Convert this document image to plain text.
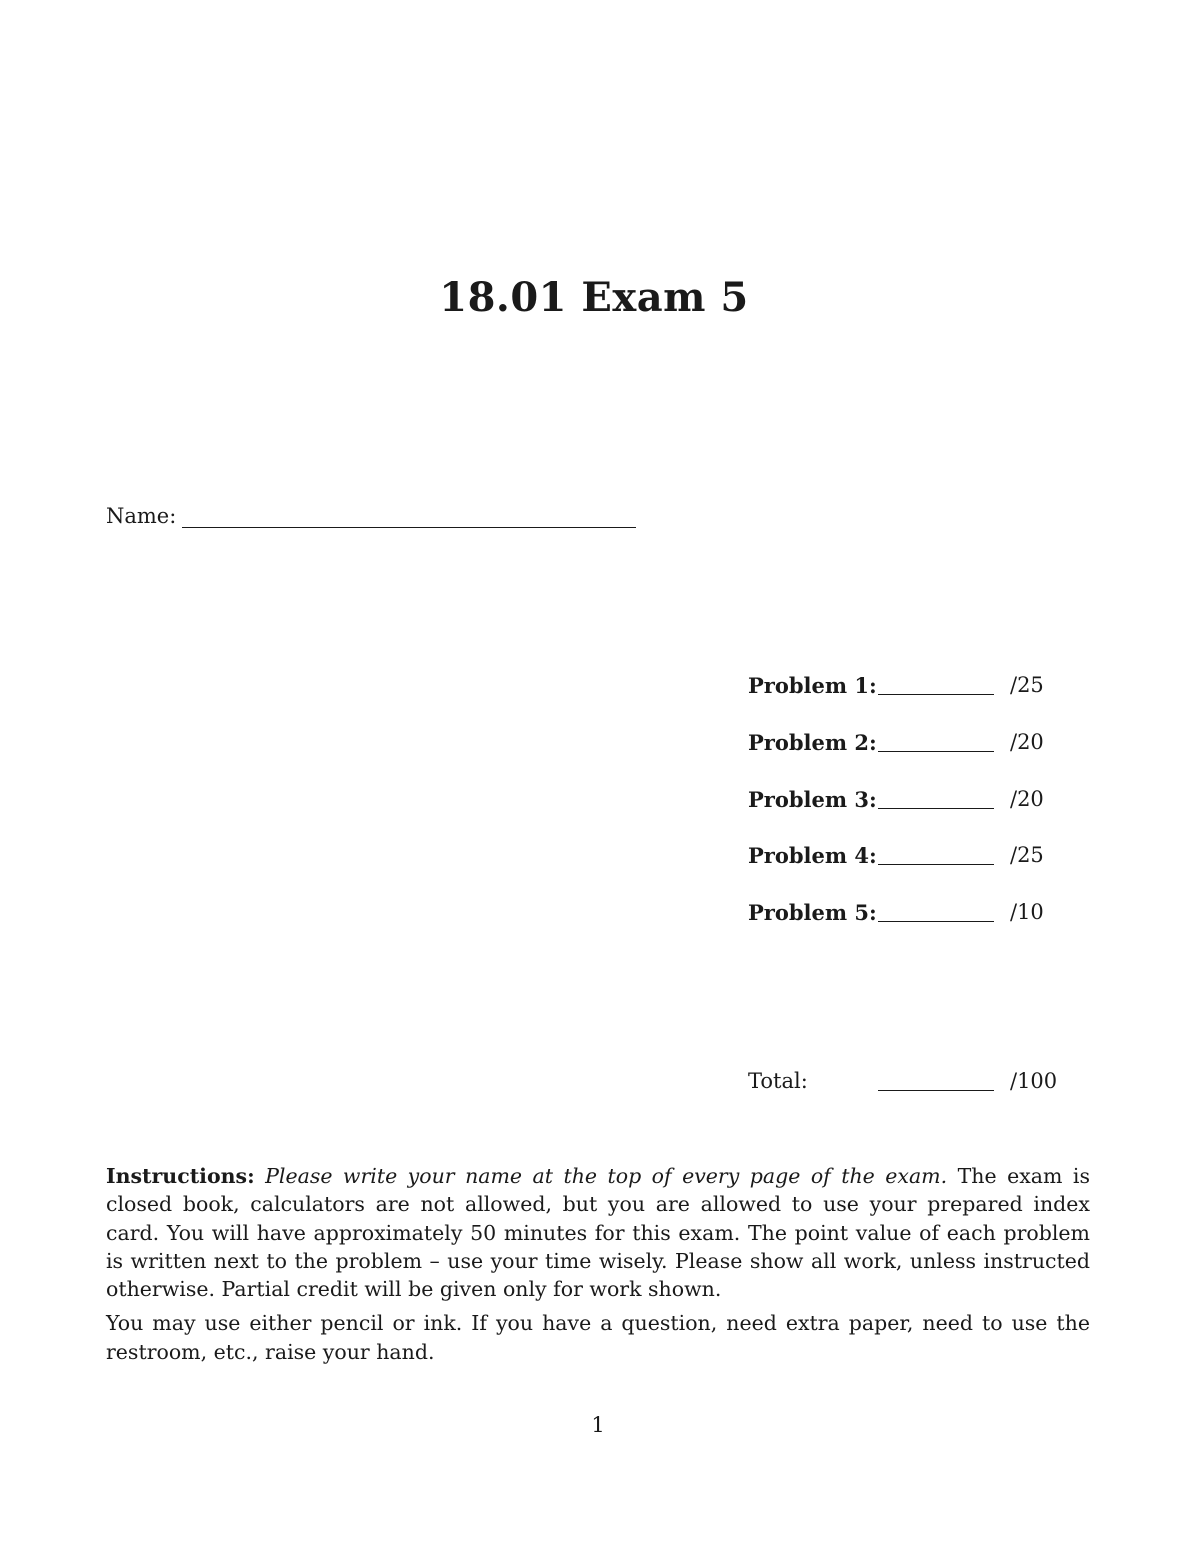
18.01 Exam 5
Name:
Problem 1:	/25
Problem 2:	/20
Problem 3:	/20
Problem 4:	/25
Problem 5:	/10
Total:	/100

Instructions: Please write your name at the top of every page of the exam. The exam is closed book, calculators are not allowed, but you are allowed to use your prepared index card. You will have approximately 50 minutes for this exam. The point value of each problem is written next to the problem – use your time wisely. Please show all work, unless instructed otherwise. Partial credit will be given only for work shown.

You may use either pencil or ink. If you have a question, need extra paper, need to use the restroom, etc., raise your hand.

1
